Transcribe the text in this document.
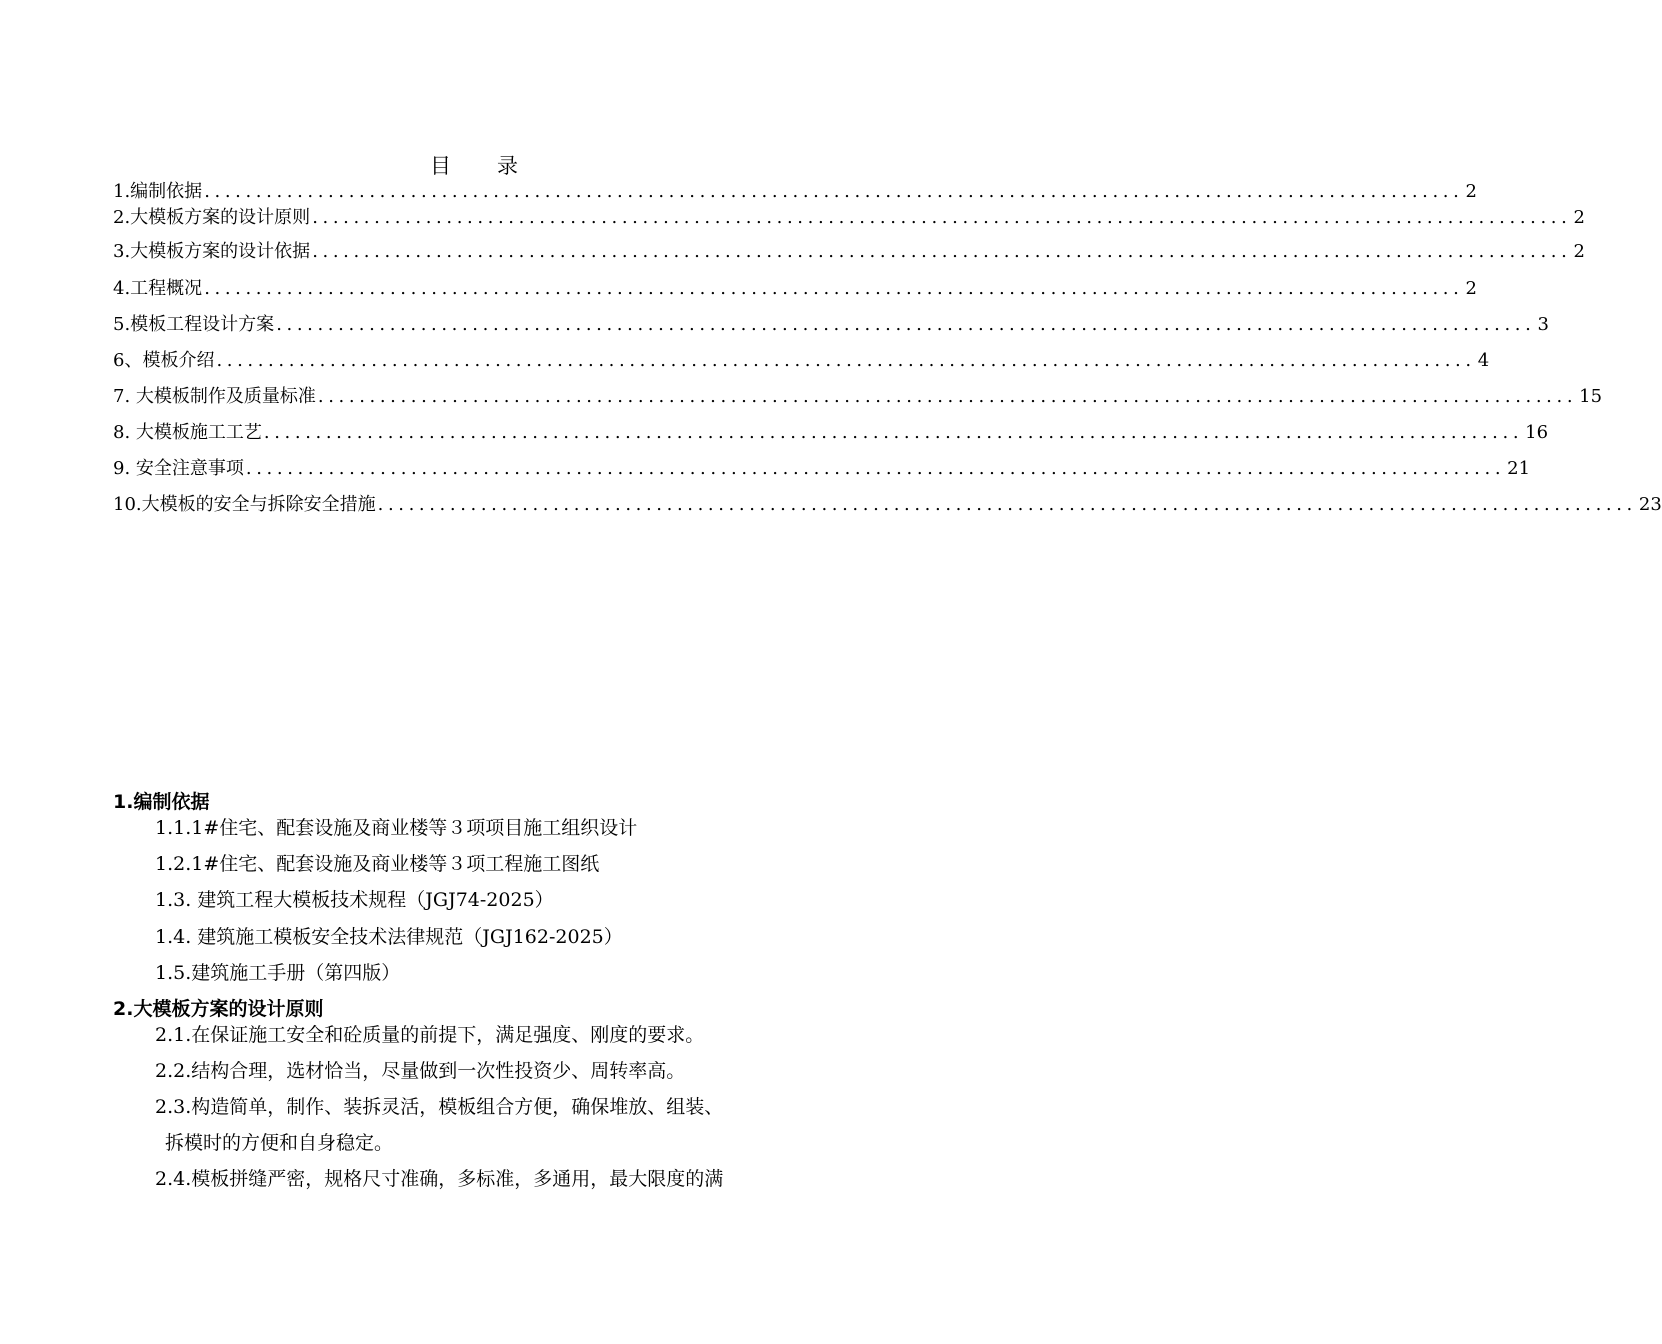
目 录
1.编制依据 .......................................................................................................................... 2
2.大模板方案的设计原则 .......................................................................................................................... 2
3.大模板方案的设计依据 .......................................................................................................................... 2
4.工程概况 .......................................................................................................................... 2
5.模板工程设计方案 .......................................................................................................................... 3
6、模板介绍 .......................................................................................................................... 4
7. 大模板制作及质量标准 .......................................................................................................................... 15
8. 大模板施工工艺 .......................................................................................................................... 16
9. 安全注意事项 .......................................................................................................................... 21
10.大模板的安全与拆除安全措施 .......................................................................................................................... 23
1.编制依据
1.1.1#住宅、配套设施及商业楼等３项项目施工组织设计
1.2.1#住宅、配套设施及商业楼等３项工程施工图纸
1.3. 建筑工程大模板技术规程（JGJ74-2025）
1.4. 建筑施工模板安全技术法律规范（JGJ162-2025）
1.5.建筑施工手册（第四版）
2.大模板方案的设计原则
2.1.在保证施工安全和砼质量的前提下，满足强度、刚度的要求。
2.2.结构合理，选材恰当，尽量做到一次性投资少、周转率高。
2.3.构造简单，制作、装拆灵活，模板组合方便，确保堆放、组装、
拆模时的方便和自身稳定。
2.4.模板拼缝严密，规格尺寸准确，多标准，多通用，最大限度的满
